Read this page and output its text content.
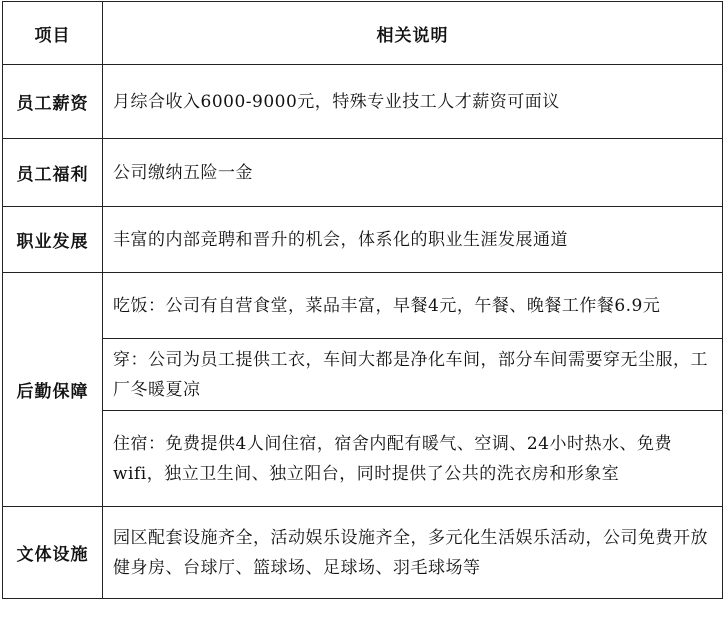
项目	相关说明
员工薪资	月综合收入6000-9000元，特殊专业技工人才薪资可面议
员工福利	公司缴纳五险一金
职业发展	丰富的内部竞聘和晋升的机会，体系化的职业生涯发展通道
后勤保障	吃饭：公司有自营食堂，菜品丰富，早餐4元，午餐、晚餐工作餐6.9元
	穿：公司为员工提供工衣，车间大都是净化车间，部分车间需要穿无尘服，工厂冬暖夏凉
	住宿：免费提供4人间住宿，宿舍内配有暖气、空调、24小时热水、免费wifi，独立卫生间、独立阳台，同时提供了公共的洗衣房和形象室
文体设施	园区配套设施齐全，活动娱乐设施齐全，多元化生活娱乐活动，公司免费开放健身房、台球厅、篮球场、足球场、羽毛球场等
